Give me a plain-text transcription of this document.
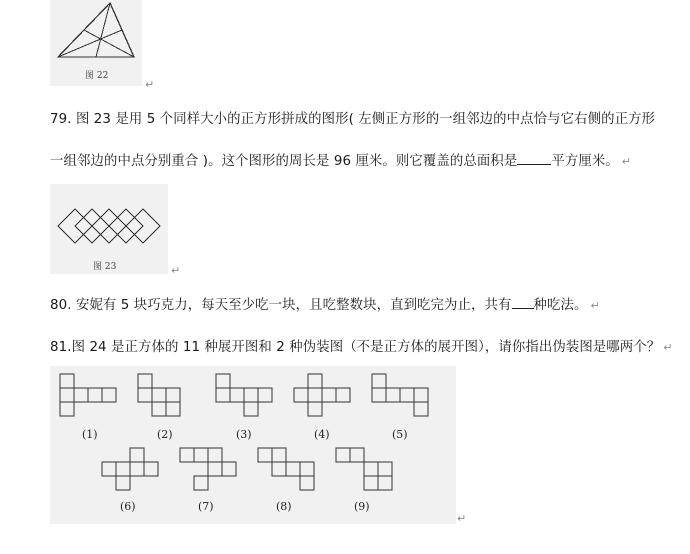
图 22
↵
79. 图 23 是用 5 个同样大小的正方形拼成的图形( 左侧正方形的一组邻边的中点恰与它右侧的正方形
一组邻边的中点分别重合 )。这个图形的周长是 96 厘米。则它覆盖的总面积是	平方厘米。 ↵
图 23	↵
80. 安妮有 5 块巧克力，每天至少吃一块，且吃整数块，直到吃完为止，共有 种吃法。 ↵
81.图 24 是正方体的 11 种展开图和 2 种伪装图（不是正方体的展开图），请你指出伪装图是哪两个？ ↵
(1)	(2)	(3)	(4)	(5)
(6)	(7)	(8)	(9)
↵
